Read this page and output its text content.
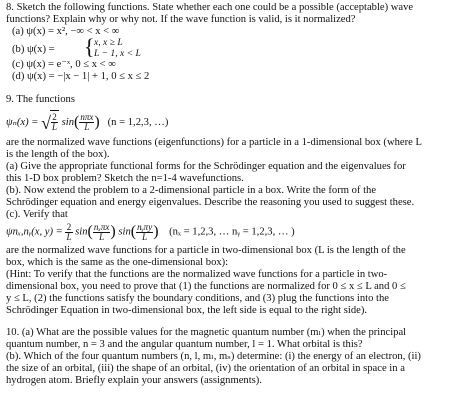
8. Sketch the following functions. State whether each one could be a possible (acceptable) wave
functions? Explain why or why not. If the wave function is valid, is it normalized?
(a) ψ(x) = x², −∞ < x < ∞
(b) ψ(x) = { x, x ≥ L
L − 1, x < L
(c) ψ(x) = e⁻ˣ, 0 ≤ x < ∞
(d) ψ(x) = −|x − 1| + 1, 0 ≤ x ≤ 2
9. The functions
ψₙ(x) = √ $\frac{2}{L} \sin( \frac{\text{nπx}}{L}$ ) (n = 1,2,3, …)
are the normalized wave functions (eigenfunctions) for a particle in a 1-dimensional box (where L
is the length of the box).
(a) Give the appropriate functional forms for the Schrödinger equation and the eigenvalues for
this 1-D box problem? Sketch the n=1-4 wavefunctions.
(b). Now extend the problem to a 2-dimensional particle in a box. Write the form of the
Schrödinger equation and energy eigenvalues. Describe the reasoning you used to suggest these.
(c). Verify that
ψnₓ,nᵧ(x, $y) = \frac{2}{L} \sin( \frac{\text{nₓπx}}{L}$ ) $\sin( \frac{\text{nᵧπy}}{L}$ ) (nₓ = 1,2,3, … nᵧ = 1,2,3, … )
are the normalized wave functions for a particle in two-dimensional box (L is the length of the
box, which is the same as the one-dimensional box):
(Hint: To verify that the functions are the normalized wave functions for a particle in two-
dimensional box, you need to prove that (1) the functions are normalized for 0 ≤ x ≤ L and 0 ≤
y ≤ L, (2) the functions satisfy the boundary conditions, and (3) plug the functions into the
Schrödinger Equation in two-dimensional box, the left side is equal to the right side).
10. (a) What are the possible values for the magnetic quantum number (mₗ) when the principal
quantum number, n = 3 and the angular quantum number, l = 1. What orbital is this?
(b). Which of the four quantum numbers (n, l, mₗ, mₛ) determine: (i) the energy of an electron, (ii)
the size of an orbital, (iii) the shape of an orbital, (iv) the orientation of an orbital in space in a
hydrogen atom. Briefly explain your answers (assignments).
